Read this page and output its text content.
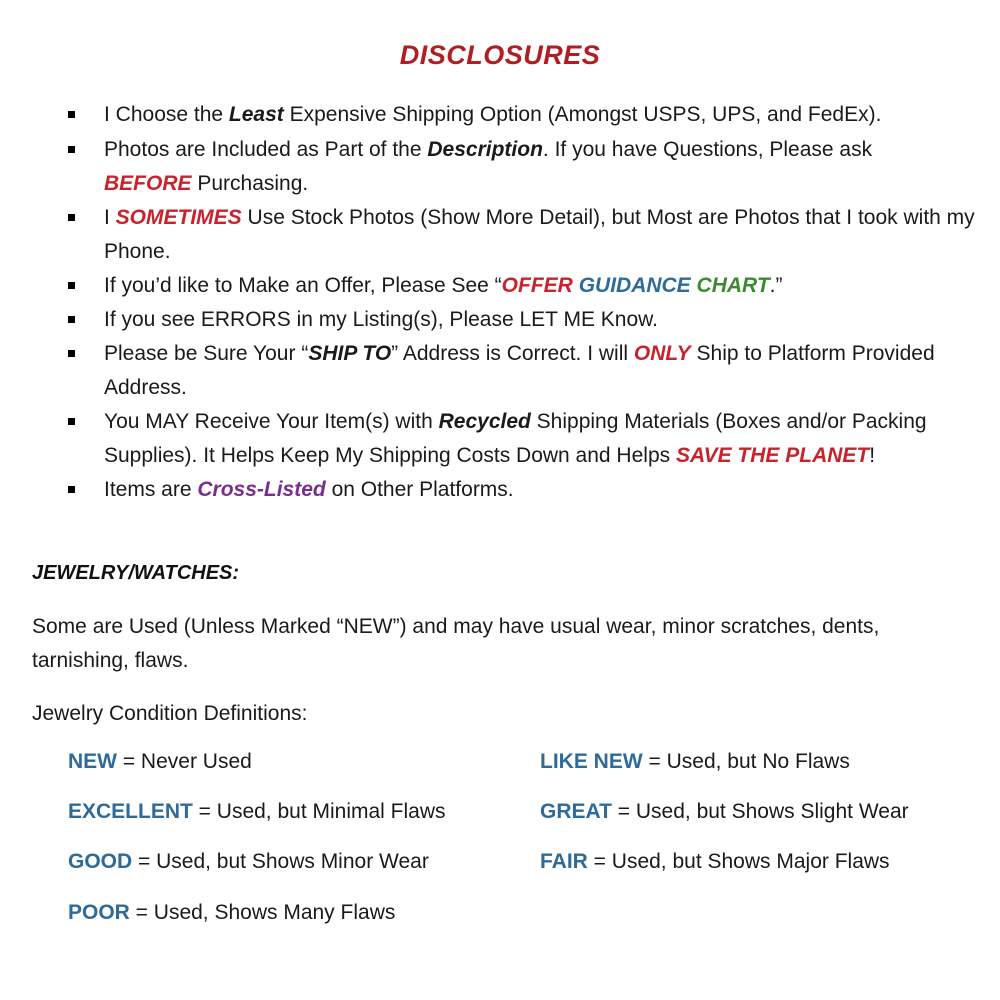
DISCLOSURES
I Choose the Least Expensive Shipping Option (Amongst USPS, UPS, and FedEx).
Photos are Included as Part of the Description. If you have Questions, Please ask
BEFORE Purchasing.
I SOMETIMES Use Stock Photos (Show More Detail), but Most are Photos that I took with my Phone.
If you’d like to Make an Offer, Please See “OFFER GUIDANCE CHART.”
If you see ERRORS in my Listing(s), Please LET ME Know.
Please be Sure Your “SHIP TO” Address is Correct. I will ONLY Ship to Platform Provided Address.
You MAY Receive Your Item(s) with Recycled Shipping Materials (Boxes and/or Packing Supplies). It Helps Keep My Shipping Costs Down and Helps SAVE THE PLANET!
Items are Cross-Listed on Other Platforms.
JEWELRY/WATCHES:
Some are Used (Unless Marked “NEW”) and may have usual wear, minor scratches, dents, tarnishing, flaws.
Jewelry Condition Definitions:
NEW = Never Used	LIKE NEW = Used, but No Flaws
EXCELLENT = Used, but Minimal Flaws	GREAT = Used, but Shows Slight Wear
GOOD = Used, but Shows Minor Wear	FAIR = Used, but Shows Major Flaws
POOR = Used, Shows Many Flaws
